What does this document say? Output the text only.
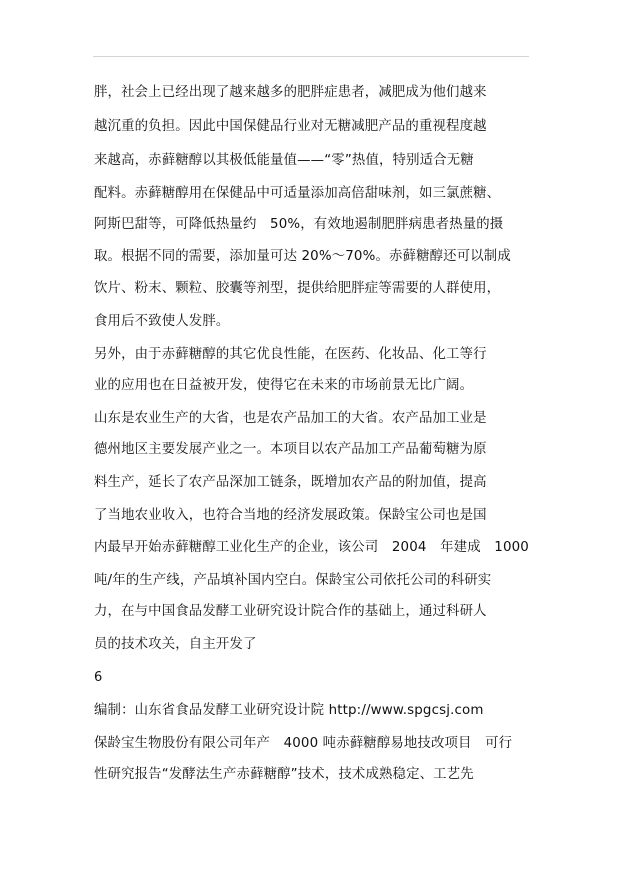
胖，社会上已经出现了越来越多的肥胖症患者，减肥成为他们越来
越沉重的负担。因此中国保健品行业对无糖减肥产品的重视程度越
来越高，赤藓糖醇以其极低能量值——“零”热值，特别适合无糖
配料。赤藓糖醇用在保健品中可适量添加高倍甜味剂，如三氯蔗糖、
阿斯巴甜等，可降低热量约　50%，有效地遏制肥胖病患者热量的摄
取。根据不同的需要，添加量可达 20%～70%。赤藓糖醇还可以制成
饮片、粉末、颗粒、胶囊等剂型，提供给肥胖症等需要的人群使用，
食用后不致使人发胖。
另外，由于赤藓糖醇的其它优良性能，在医药、化妆品、化工等行
业的应用也在日益被开发，使得它在未来的市场前景无比广阔。
山东是农业生产的大省，也是农产品加工的大省。农产品加工业是
德州地区主要发展产业之一。本项目以农产品加工产品葡萄糖为原
料生产，延长了农产品深加工链条，既增加农产品的附加值，提高
了当地农业收入，也符合当地的经济发展政策。保龄宝公司也是国
内最早开始赤藓糖醇工业化生产的企业，该公司　2004　年建成　1000
吨/年的生产线，产品填补国内空白。保龄宝公司依托公司的科研实
力，在与中国食品发酵工业研究设计院合作的基础上，通过科研人
员的技术攻关，自主开发了
6
编制：山东省食品发酵工业研究设计院 http://www.spgcsj.com
保龄宝生物股份有限公司年产　4000 吨赤藓糖醇易地技改项目　可行
性研究报告“发酵法生产赤藓糖醇”技术，技术成熟稳定、工艺先
